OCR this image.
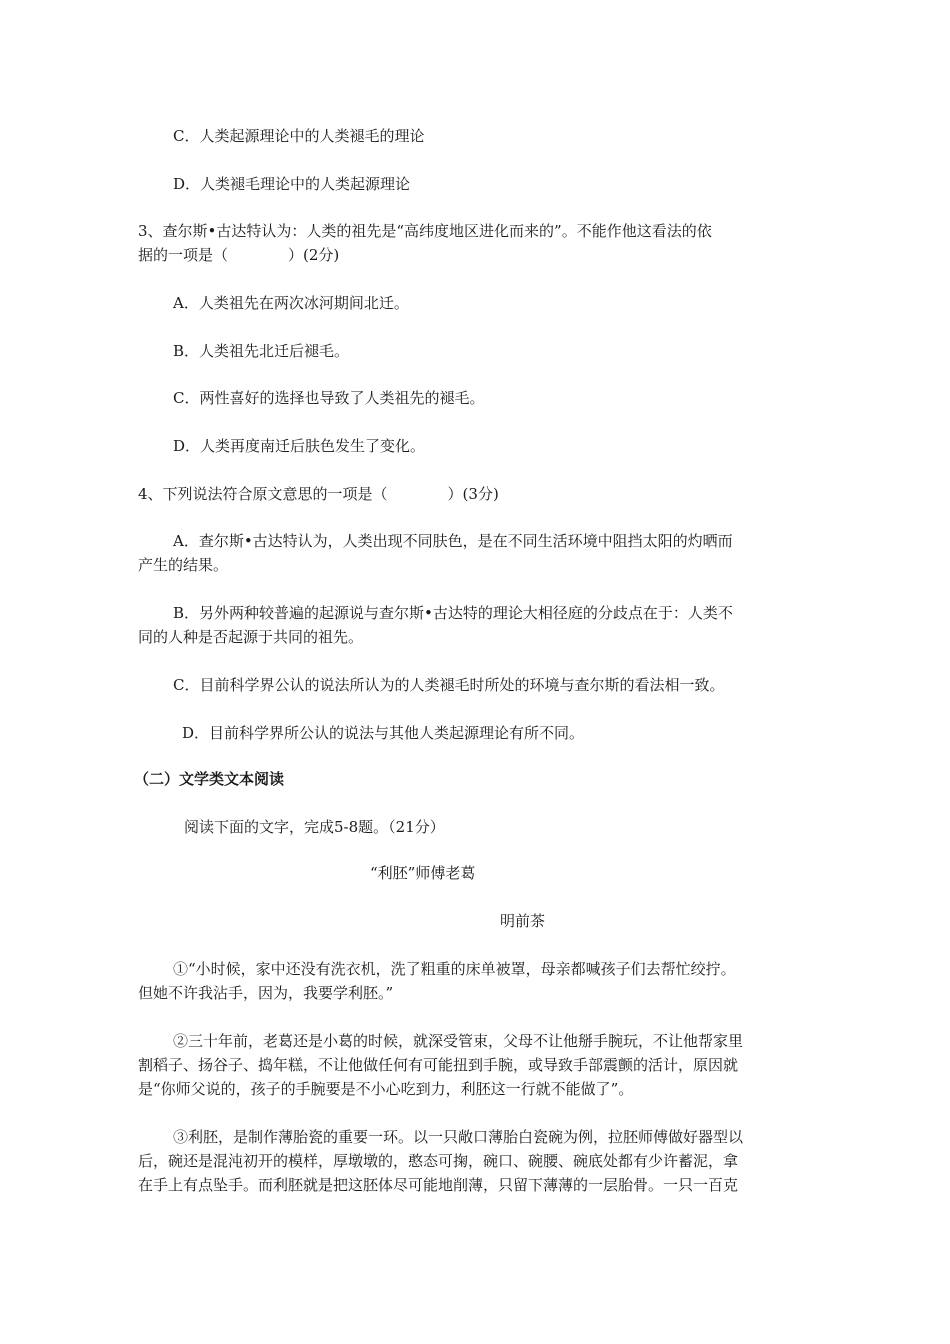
C．人类起源理论中的人类褪毛的理论

D．人类褪毛理论中的人类起源理论

3、查尔斯•古达特认为：人类的祖先是“高纬度地区进化而来的”。不能作他这看法的依

据的一项是（　　　　）(2分)

A．人类祖先在两次冰河期间北迁。

B．人类祖先北迁后褪毛。

C．两性喜好的选择也导致了人类祖先的褪毛。

D．人类再度南迁后肤色发生了变化。

4、下列说法符合原文意思的一项是（　　　　）(3分)

A．查尔斯•古达特认为，人类出现不同肤色，是在不同生活环境中阻挡太阳的灼晒而

产生的结果。

B．另外两种较普遍的起源说与查尔斯•古达特的理论大相径庭的分歧点在于：人类不

同的人种是否起源于共同的祖先。

C．目前科学界公认的说法所认为的人类褪毛时所处的环境与查尔斯的看法相一致。

D．目前科学界所公认的说法与其他人类起源理论有所不同。

（二）文学类文本阅读

阅读下面的文字，完成5-8题。（21分）

“利胚”师傅老葛

明前茶

①“小时候，家中还没有洗衣机，洗了粗重的床单被罩，母亲都喊孩子们去帮忙绞拧。

但她不许我沾手，因为，我要学利胚。”

②三十年前，老葛还是小葛的时候，就深受管束，父母不让他掰手腕玩，不让他帮家里

割稻子、扬谷子、捣年糕，不让他做任何有可能扭到手腕，或导致手部震颤的活计，原因就

是“你师父说的，孩子的手腕要是不小心吃到力，利胚这一行就不能做了”。

③利胚，是制作薄胎瓷的重要一环。以一只敞口薄胎白瓷碗为例，拉胚师傅做好器型以

后，碗还是混沌初开的模样，厚墩墩的，憨态可掬，碗口、碗腰、碗底处都有少许蓄泥，拿

在手上有点坠手。而利胚就是把这胚体尽可能地削薄，只留下薄薄的一层胎骨。一只一百克
